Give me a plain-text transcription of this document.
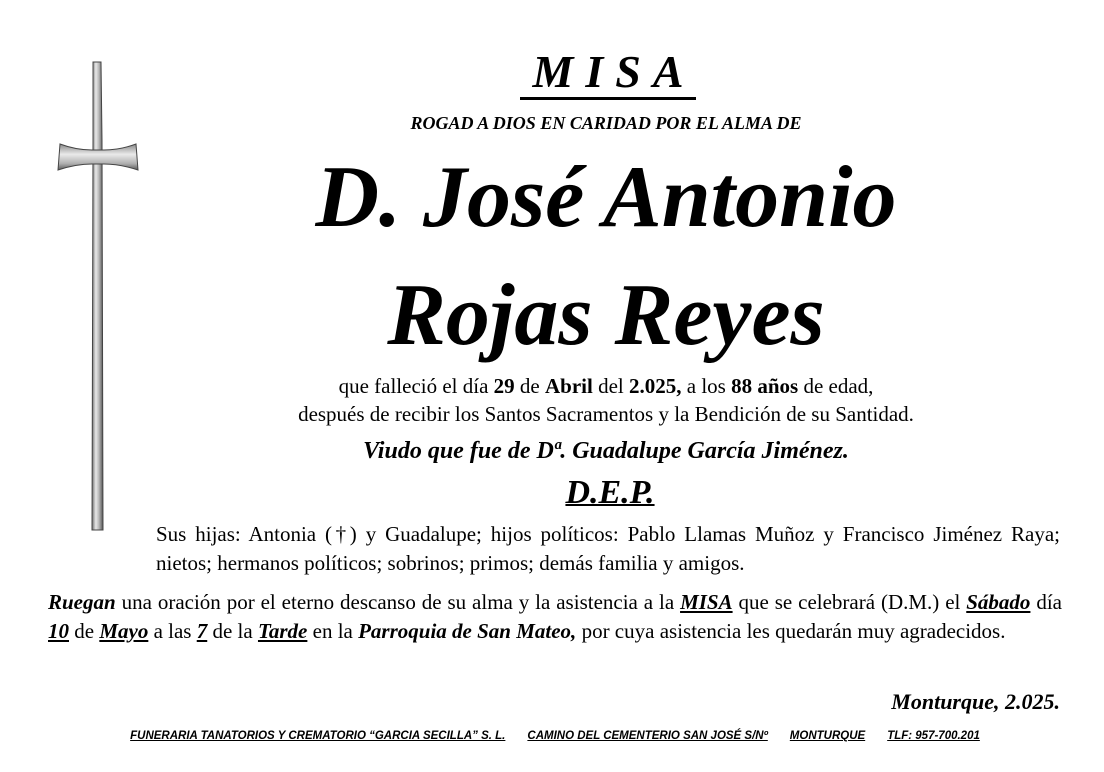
MISA
ROGAD A DIOS EN CARIDAD POR EL ALMA DE
D. José Antonio
Rojas Reyes
que falleció el día 29 de Abril del 2.025, a los 88 años de edad,
después de recibir los Santos Sacramentos y la Bendición de su Santidad.
Viudo que fue de Dª. Guadalupe García Jiménez.
D.E.P.
Sus hijas: Antonia (†) y Guadalupe; hijos políticos: Pablo Llamas Muñoz y Francisco Jiménez Raya; nietos; hermanos políticos; sobrinos; primos; demás familia y amigos.
Ruegan una oración por el eterno descanso de su alma y la asistencia a la MISA que se celebrará (D.M.) el Sábado día 10 de Mayo a las 7 de la Tarde en la Parroquia de San Mateo, por cuya asistencia les quedarán muy agradecidos.
Monturque, 2.025.
FUNERARIA TANATORIOS Y CREMATORIO “GARCIA SECILLA” S. L. CAMINO DEL CEMENTERIO SAN JOSÉ S/Nº MONTURQUE TLF: 957-700.201
